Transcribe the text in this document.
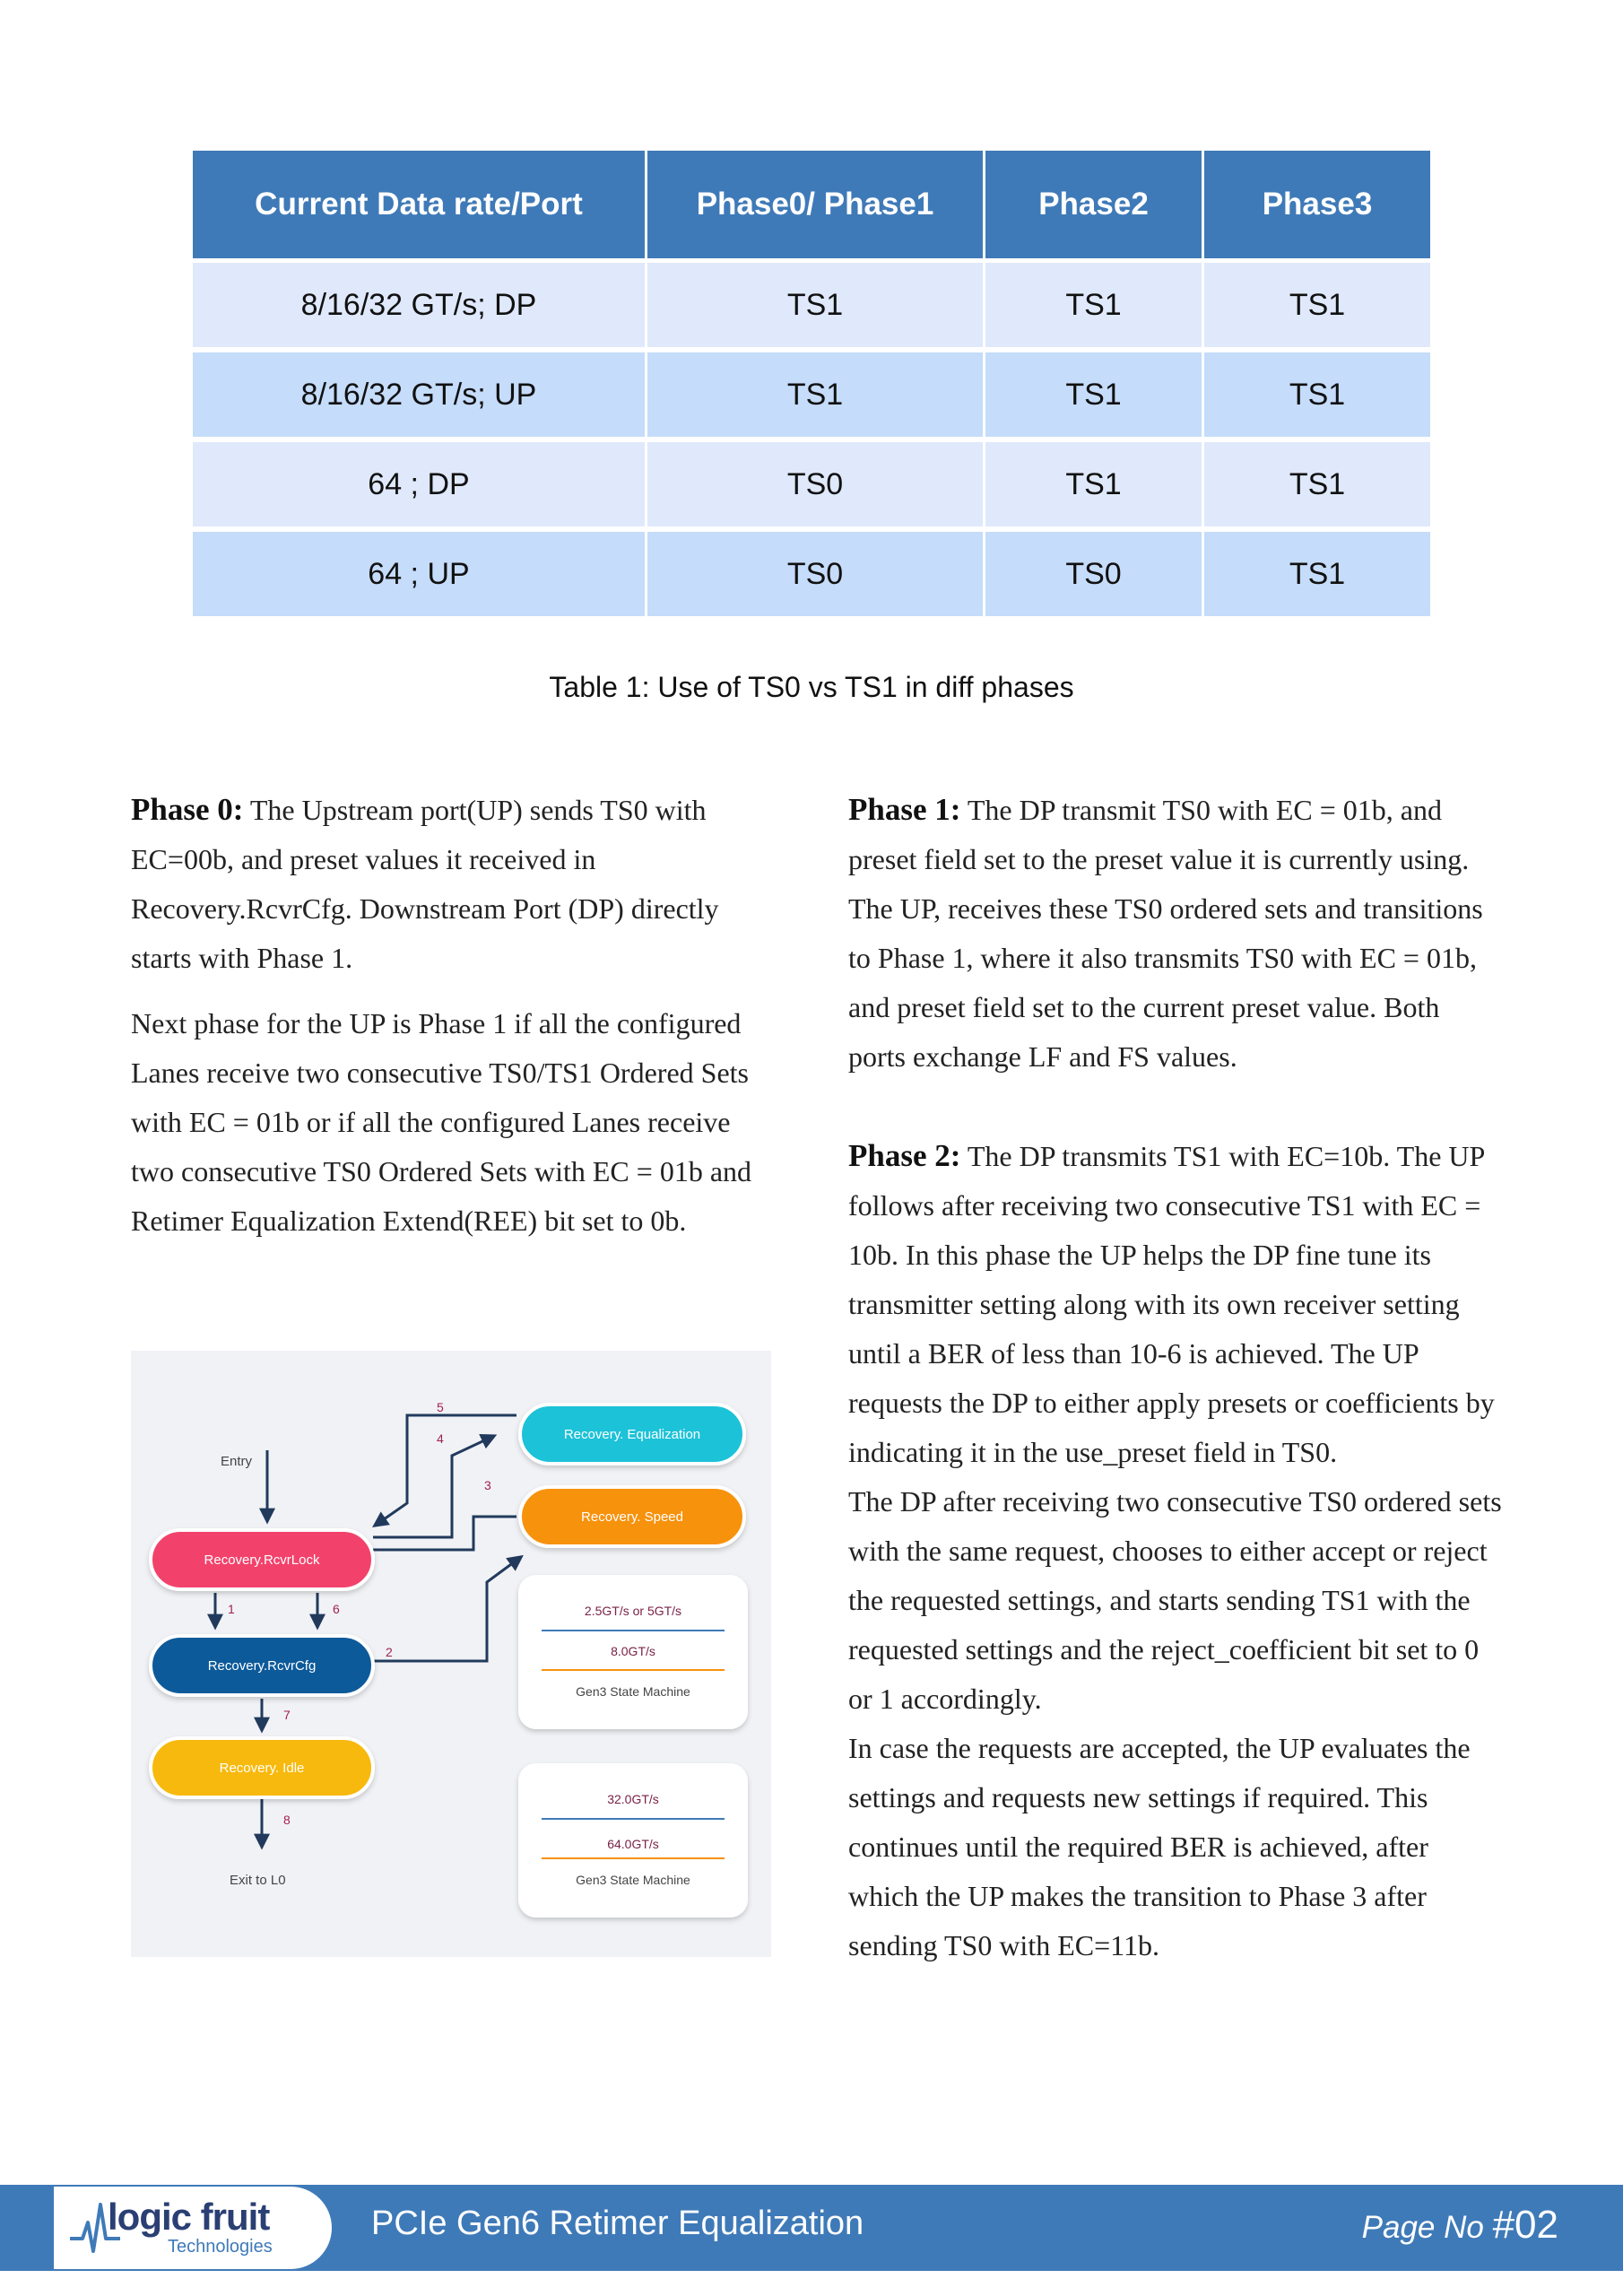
Current Data rate/Port	Phase0/ Phase1	Phase2	Phase3
8/16/32 GT/s; DP	TS1	TS1	TS1
8/16/32 GT/s; UP	TS1	TS1	TS1
64 ; DP	TS0	TS1	TS1
64 ; UP	TS0	TS0	TS1
Table 1: Use of TS0 vs TS1 in diff phases

Phase 0: The Upstream port(UP) sends TS0 with EC=00b, and preset values it received in Recovery.RcvrCfg. Downstream Port (DP) directly starts with Phase 1.

Next phase for the UP is Phase 1 if all the configured Lanes receive two consecutive TS0/TS1 Ordered Sets with EC = 01b or if all the configured Lanes receive two consecutive TS0 Ordered Sets with EC = 01b and Retimer Equalization Extend(REE) bit set to 0b.

Phase 1: The DP transmit TS0 with EC = 01b, and preset field set to the preset value it is currently using. The UP, receives these TS0 ordered sets and transitions to Phase 1, where it also transmits TS0 with EC = 01b, and preset field set to the current preset value. Both ports exchange LF and FS values.

Phase 2: The DP transmits TS1 with EC=10b. The UP follows after receiving two consecutive TS1 with EC = 10b. In this phase the UP helps the DP fine tune its transmitter setting along with its own receiver setting until a BER of less than 10-6 is achieved. The UP requests the DP to either apply presets or coefficients by indicating it in the use_preset field in TS0.

The DP after receiving two consecutive TS0 ordered sets with the same request, chooses to either accept or reject the requested settings, and starts sending TS1 with the requested settings and the reject_coefficient bit set to 0 or 1 accordingly.

In case the requests are accepted, the UP evaluates the settings and requests new settings if required. This continues until the required BER is achieved, after which the UP makes the transition to Phase 3 after sending TS0 with EC=11b.

1
2
3
4
5
6
7
8
Entry
Exit to L0
Recovery.RcvrLock
Recovery.RcvrCfg
Recovery. Idle
Recovery. Equalization
Recovery. Speed
2.5GT/s or 5GT/s
8.0GT/s
Gen3 State Machine
32.0GT/s
64.0GT/s
Gen3 State Machine
logic fruit
Technologies
PCIe Gen6 Retimer Equalization	Page No #02
